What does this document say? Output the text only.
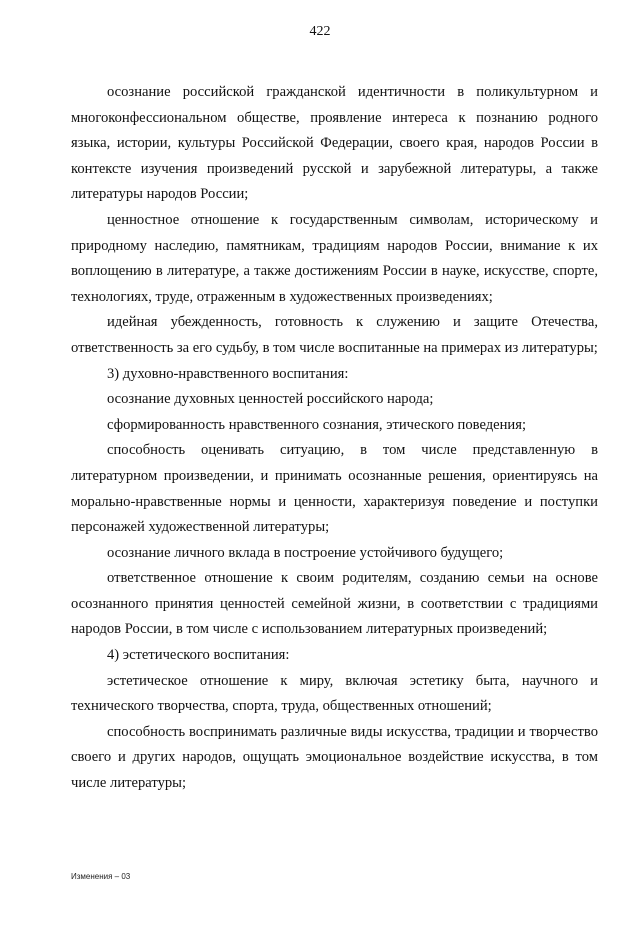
422

осознание российской гражданской идентичности в поликультурном и многоконфессиональном обществе, проявление интереса к познанию родного языка, истории, культуры Российской Федерации, своего края, народов России в контексте изучения произведений русской и зарубежной литературы, а также литературы народов России;

ценностное отношение к государственным символам, историческому и природному наследию, памятникам, традициям народов России, внимание к их воплощению в литературе, а также достижениям России в науке, искусстве, спорте, технологиях, труде, отраженным в художественных произведениях;

идейная убежденность, готовность к служению и защите Отечества, ответственность за его судьбу, в том числе воспитанные на примерах из литературы;

3) духовно-нравственного воспитания:

осознание духовных ценностей российского народа;

сформированность нравственного сознания, этического поведения;

способность оценивать ситуацию, в том числе представленную в литературном произведении, и принимать осознанные решения, ориентируясь на морально-нравственные нормы и ценности, характеризуя поведение и поступки персонажей художественной литературы;

осознание личного вклада в построение устойчивого будущего;

ответственное отношение к своим родителям, созданию семьи на основе осознанного принятия ценностей семейной жизни, в соответствии с традициями народов России, в том числе с использованием литературных произведений;

4) эстетического воспитания:

эстетическое отношение к миру, включая эстетику быта, научного и технического творчества, спорта, труда, общественных отношений;

способность воспринимать различные виды искусства, традиции и творчество своего и других народов, ощущать эмоциональное воздействие искусства, в том числе литературы;

Изменения – 03
